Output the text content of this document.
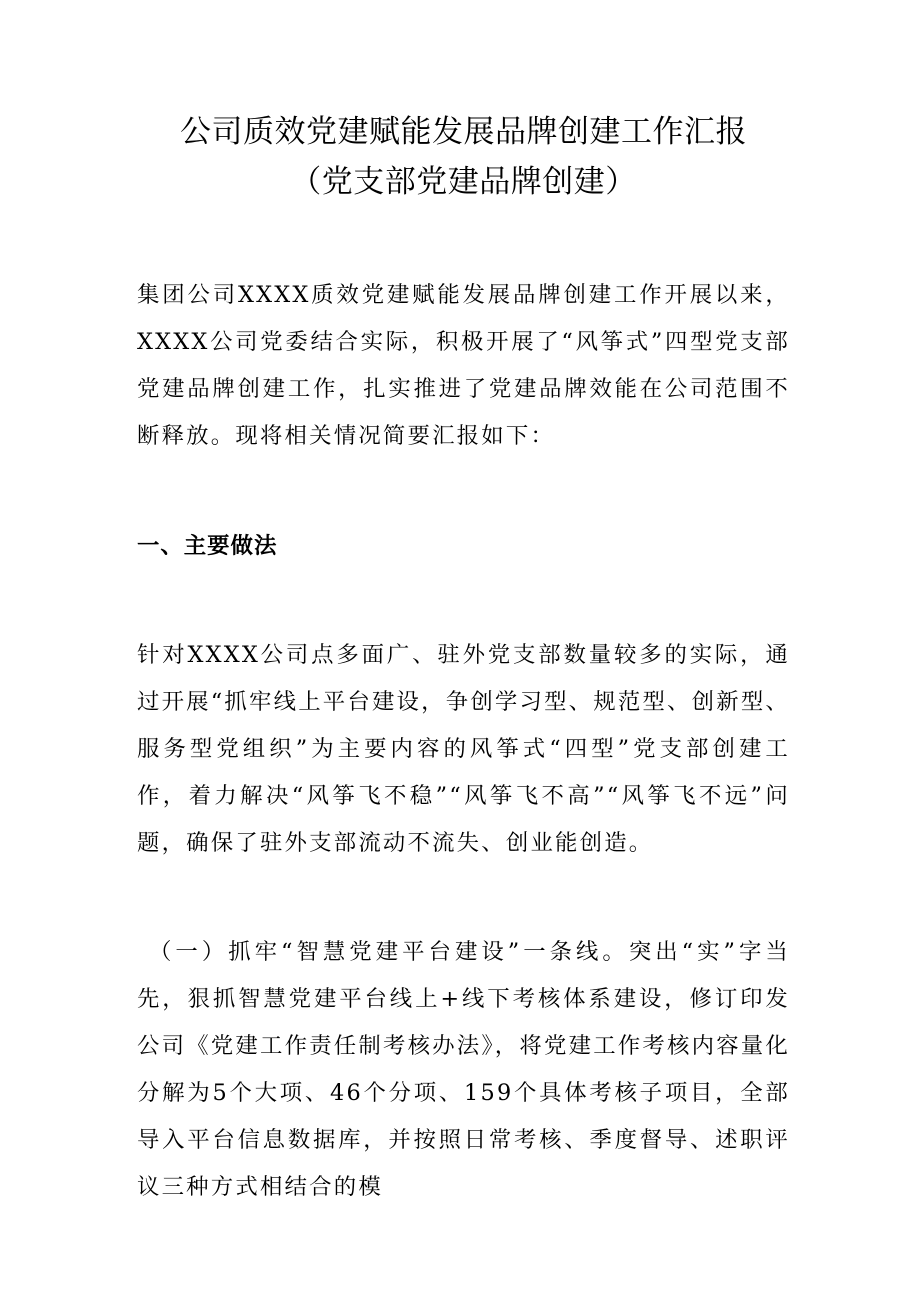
公司质效党建赋能发展品牌创建工作汇报
（党支部党建品牌创建）

集团公司XXXX质效党建赋能发展品牌创建工作开展以来，XXXX公司党委结合实际，积极开展了“风筝式”四型党支部党建品牌创建工作，扎实推进了党建品牌效能在公司范围不断释放。现将相关情况简要汇报如下：

一、主要做法

针对XXXX公司点多面广、驻外党支部数量较多的实际，通过开展“抓牢线上平台建设，争创学习型、规范型、创新型、服务型党组织”为主要内容的风筝式“四型”党支部创建工作，着力解决“风筝飞不稳”“风筝飞不高”“风筝飞不远”问题，确保了驻外支部流动不流失、创业能创造。

（一）抓牢“智慧党建平台建设”一条线。突出“实”字当先，狠抓智慧党建平台线上+线下考核体系建设，修订印发公司《党建工作责任制考核办法》，将党建工作考核内容量化分解为5个大项、46个分项、159个具体考核子项目，全部导入平台信息数据库，并按照日常考核、季度督导、述职评议三种方式相结合的模
